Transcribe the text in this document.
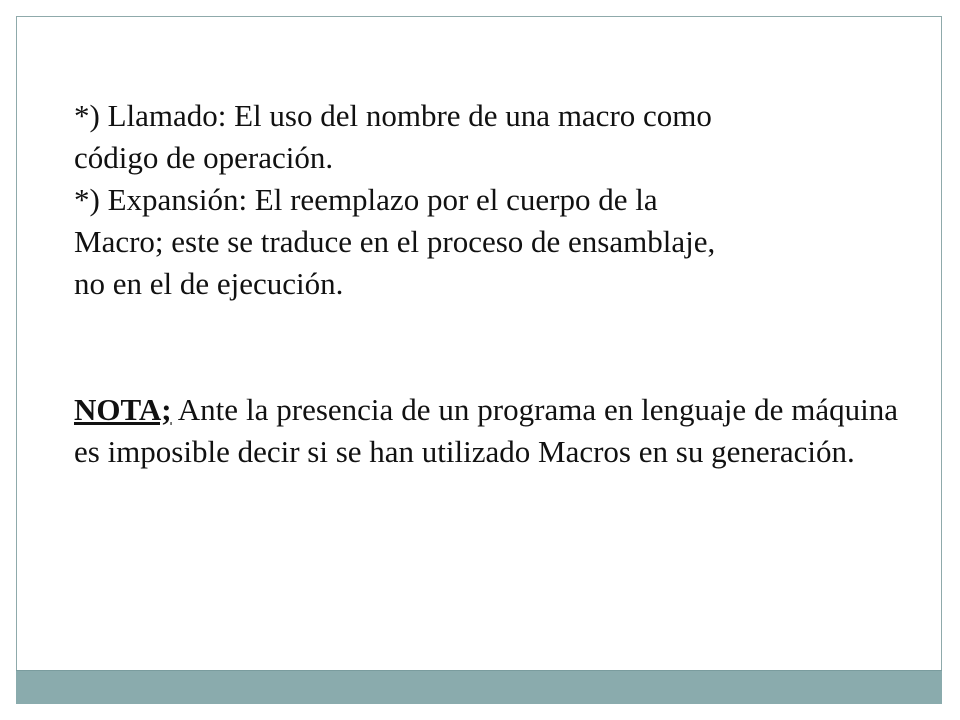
*) Llamado: El uso del nombre de una macro como
código de operación.
*) Expansión: El reemplazo por el cuerpo de la
Macro; este se traduce en el proceso de ensamblaje,
no en el de ejecución.
NOTA; Ante la presencia de un programa en lenguaje de máquina es imposible decir si se han utilizado Macros en su generación.
